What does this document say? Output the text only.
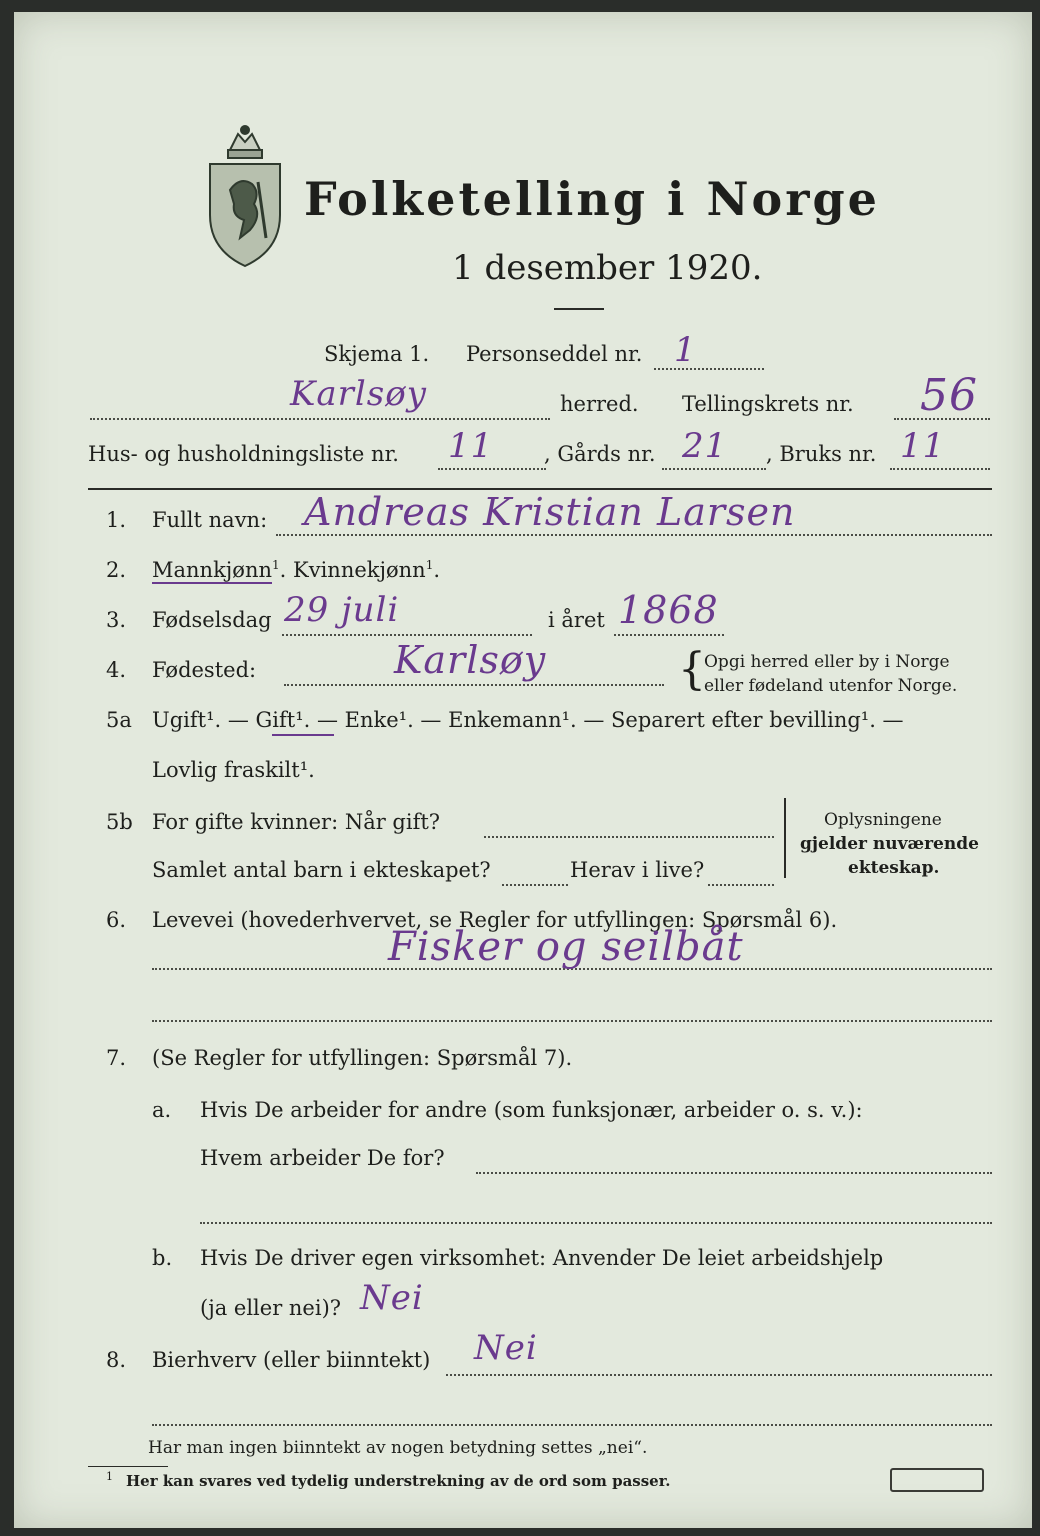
Folketelling i Norge
1 desember 1920.
Skjema 1. Personseddel nr. 1
Karlsøy	herred. Tellingskrets nr. 56
Hus- og husholdningsliste nr. 11 , Gårds nr. 21 , Bruks nr. 11
1. Fullt navn: Andreas Kristian Larsen
2. Mannkjønn$^1$. Kvinnekjønn$^1$.
3. Fødselsdag 29 juli	i året 1868
4. Fødested:	Karlsøy	{
Opgi herred eller by i Norge
eller fødeland utenfor Norge.
5a Ugift¹. — Gift¹. — Enke¹. — Enkemann¹. — Separert efter bevilling¹. —
Lovlig fraskilt¹.
5b For gifte kvinner: Når gift?
Samlet antal barn i ekteskapet?	Herav i live?
Oplysningene
gjelder nuværende
ekteskap.
6. Levevei (hovederhvervet, se Regler for utfyllingen: Spørsmål 6).
Fisker og seilbåt
7. (Se Regler for utfyllingen: Spørsmål 7).
a. Hvis De arbeider for andre (som funksjonær, arbeider o. s. v.):
Hvem arbeider De for?
b. Hvis De driver egen virksomhet: Anvender De leiet arbeidshjelp
(ja eller nei)? Nei
8. Bierhverv (eller biinntekt) Nei
Har man ingen biinntekt av nogen betydning settes „nei“.
1 Her kan svares ved tydelig understrekning av de ord som passer.
